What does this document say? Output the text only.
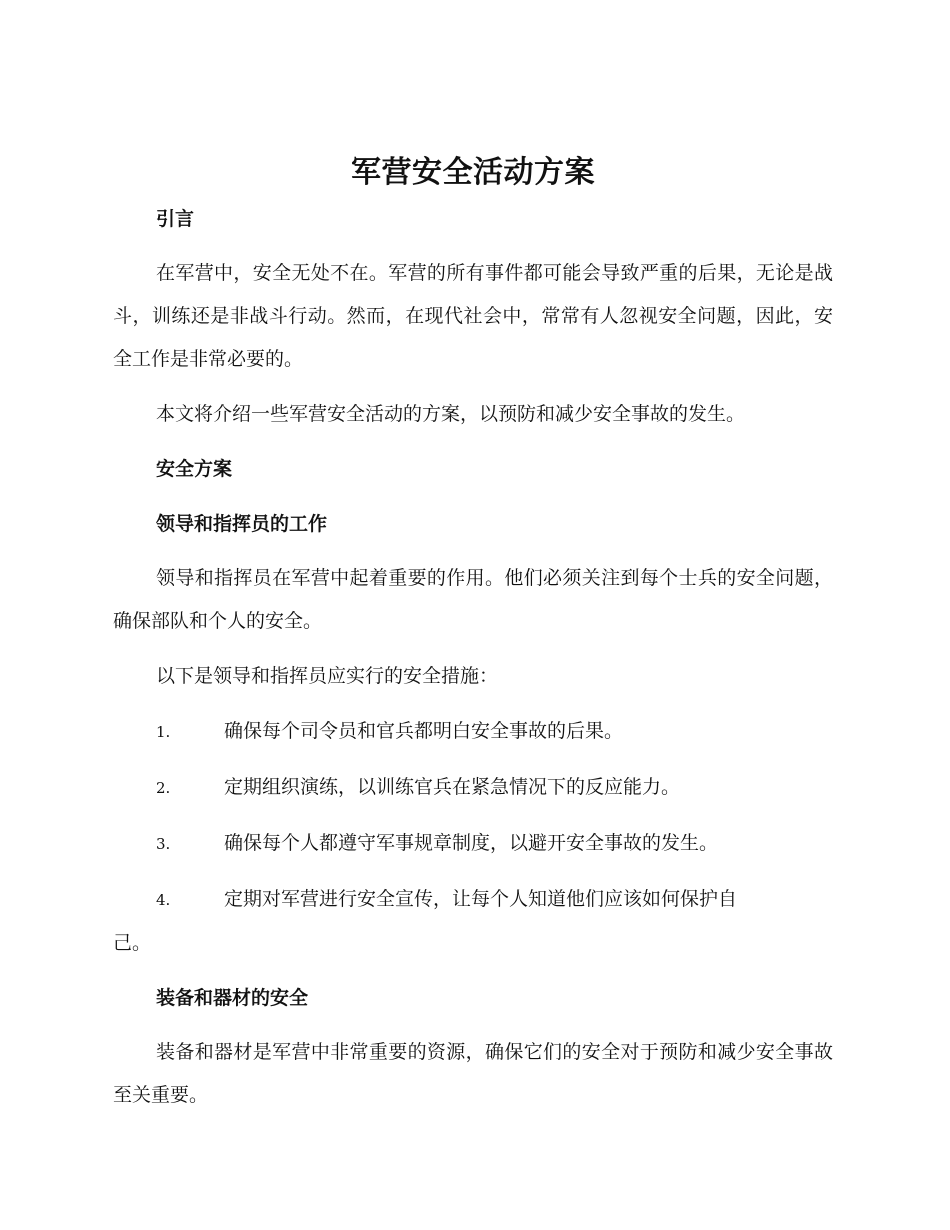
军营安全活动方案
引言

在军营中，安全无处不在。军营的所有事件都可能会导致严重的后果，无论是战斗，训练还是非战斗行动。然而，在现代社会中，常常有人忽视安全问题，因此，安全工作是非常必要的。

本文将介绍一些军营安全活动的方案，以预防和减少安全事故的发生。

安全方案
领导和指挥员的工作

领导和指挥员在军营中起着重要的作用。他们必须关注到每个士兵的安全问题，确保部队和个人的安全。

以下是领导和指挥员应实行的安全措施：

1.	确保每个司令员和官兵都明白安全事故的后果。
2.	定期组织演练，以训练官兵在紧急情况下的反应能力。
3.	确保每个人都遵守军事规章制度，以避开安全事故的发生。
4.	定期对军营进行安全宣传，让每个人知道他们应该如何保护自
己。
装备和器材的安全

装备和器材是军营中非常重要的资源，确保它们的安全对于预防和减少安全事故至关重要。
